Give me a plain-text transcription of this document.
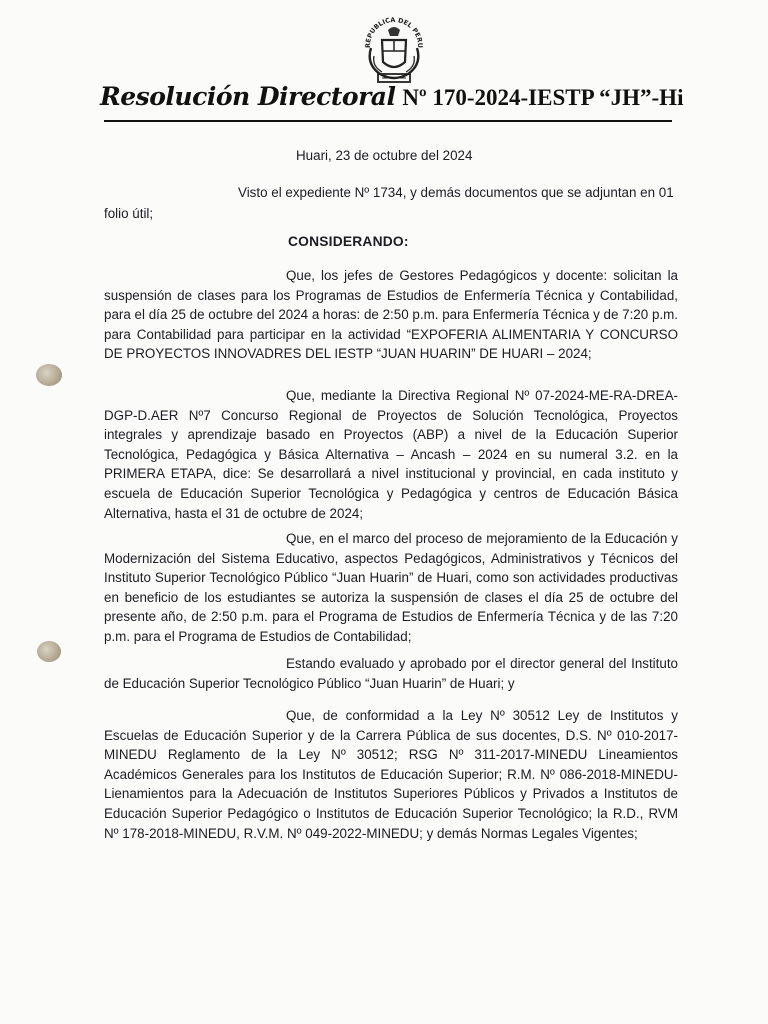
REPUBLICA DEL PERU
Resolución Directoral Nº 170-2024-IESTP “JH”-Hi
Huari, 23 de octubre del 2024

Visto el expediente Nº 1734, y demás documentos que se adjuntan en 01 folio útil;

CONSIDERANDO:

Que, los jefes de Gestores Pedagógicos y docente: solicitan la suspensión de clases para los Programas de Estudios de Enfermería Técnica y Contabilidad, para el día 25 de octubre del 2024 a horas: de 2:50 p.m. para Enfermería Técnica y de 7:20 p.m. para Contabilidad para participar en la actividad “EXPOFERIA ALIMENTARIA Y CONCURSO DE PROYECTOS INNOVADRES DEL IESTP “JUAN HUARIN” DE HUARI – 2024;

Que, mediante la Directiva Regional Nº 07-2024-ME-RA-DREA-DGP-D.AER Nº7 Concurso Regional de Proyectos de Solución Tecnológica, Proyectos integrales y aprendizaje basado en Proyectos (ABP) a nivel de la Educación Superior Tecnológica, Pedagógica y Básica Alternativa – Ancash – 2024 en su numeral 3.2. en la PRIMERA ETAPA, dice: Se desarrollará a nivel institucional y provincial, en cada instituto y escuela de Educación Superior Tecnológica y Pedagógica y centros de Educación Básica Alternativa, hasta el 31 de octubre de 2024;

Que, en el marco del proceso de mejoramiento de la Educación y Modernización del Sistema Educativo, aspectos Pedagógicos, Administrativos y Técnicos del Instituto Superior Tecnológico Público “Juan Huarin” de Huari, como son actividades productivas en beneficio de los estudiantes se autoriza la suspensión de clases el día 25 de octubre del presente año, de 2:50 p.m. para el Programa de Estudios de Enfermería Técnica y de las 7:20 p.m. para el Programa de Estudios de Contabilidad;

Estando evaluado y aprobado por el director general del Instituto de Educación Superior Tecnológico Público “Juan Huarin” de Huari; y

Que, de conformidad a la Ley Nº 30512 Ley de Institutos y Escuelas de Educación Superior y de la Carrera Pública de sus docentes, D.S. Nº 010-2017-MINEDU Reglamento de la Ley Nº 30512; RSG Nº 311-2017-MINEDU Lineamientos Académicos Generales para los Institutos de Educación Superior; R.M. Nº 086-2018-MINEDU-Lienamientos para la Adecuación de Institutos Superiores Públicos y Privados a Institutos de Educación Superior Pedagógico o Institutos de Educación Superior Tecnológico; la R.D., RVM Nº 178-2018-MINEDU, R.V.M. Nº 049-2022-MINEDU; y demás Normas Legales Vigentes;
